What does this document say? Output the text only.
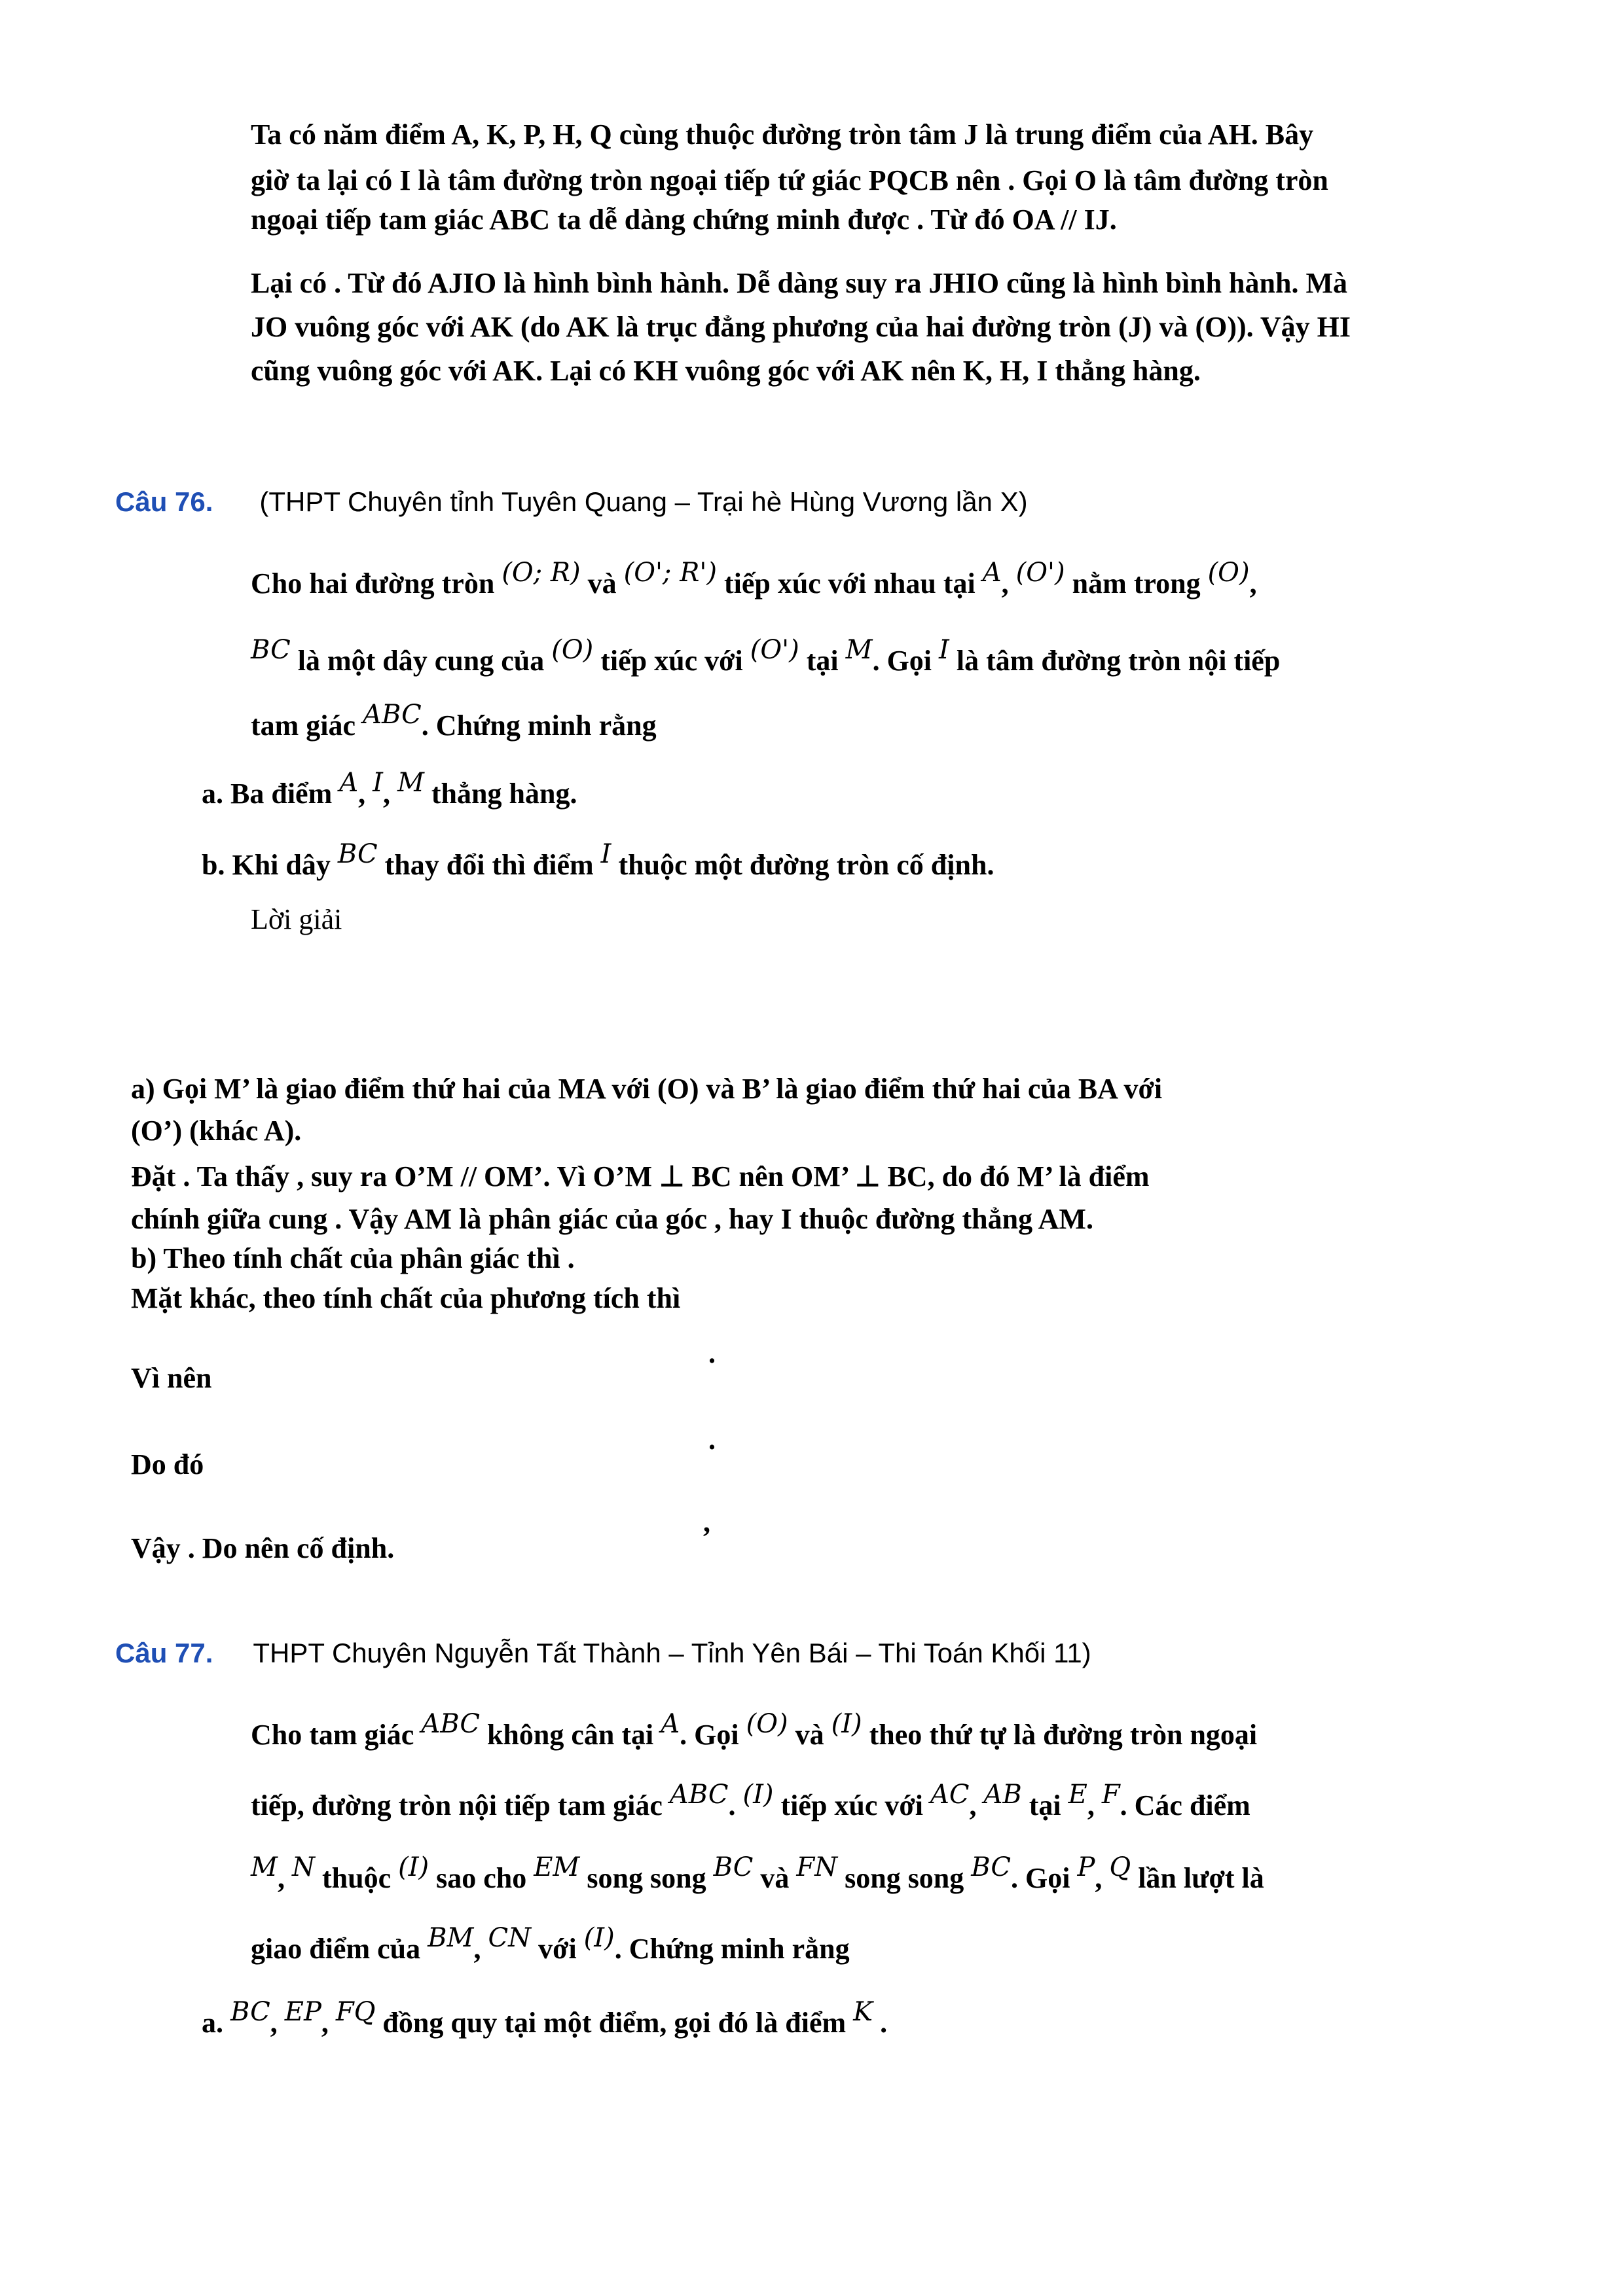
Ta có năm điểm A, K, P, H, Q cùng thuộc đường tròn tâm J là trung điểm của AH. Bây
giờ ta lại có I là tâm đường tròn ngoại tiếp tứ giác PQCB nên . Gọi O là tâm đường tròn
ngoại tiếp tam giác ABC ta dễ dàng chứng minh được . Từ đó OA // IJ.
Lại có . Từ đó AJIO là hình bình hành. Dễ dàng suy ra JHIO cũng là hình bình hành. Mà
JO vuông góc với AK (do AK là trục đẳng phương của hai đường tròn (J) và (O)). Vậy HI
cũng vuông góc với AK. Lại có KH vuông góc với AK nên K, H, I thẳng hàng.
Câu 76. (THPT Chuyên tỉnh Tuyên Quang – Trại hè Hùng Vương lần X)
Cho hai đường tròn (O; R) và (O'; R') tiếp xúc với nhau tại A, (O') nằm trong (O),
BC là một dây cung của (O) tiếp xúc với (O') tại M. Gọi I là tâm đường tròn nội tiếp
tam giác ABC. Chứng minh rằng
a. Ba điểm A, I, M thẳng hàng.
b. Khi dây BC thay đổi thì điểm I thuộc một đường tròn cố định.
Lời giải
a) Gọi M’ là giao điểm thứ hai của MA với (O) và B’ là giao điểm thứ hai của BA với
(O’) (khác A).
Đặt . Ta thấy , suy ra O’M // OM’. Vì O’M ⊥ BC nên OM’ ⊥ BC, do đó M’ là điểm
chính giữa cung . Vậy AM là phân giác của góc , hay I thuộc đường thẳng AM.
b) Theo tính chất của phân giác thì .
Mặt khác, theo tính chất của phương tích thì
.
Vì nên
.
Do đó
,
Vậy . Do nên cố định.
Câu 77. THPT Chuyên Nguyễn Tất Thành – Tỉnh Yên Bái – Thi Toán Khối 11)
Cho tam giác ABC không cân tại A. Gọi (O) và (I) theo thứ tự là đường tròn ngoại
tiếp, đường tròn nội tiếp tam giác ABC. (I) tiếp xúc với AC, AB tại E, F. Các điểm
M, N thuộc (I) sao cho EM song song BC và FN song song BC. Gọi P, Q lần lượt là
giao điểm của BM, CN với (I). Chứng minh rằng
a. BC, EP, FQ đồng quy tại một điểm, gọi đó là điểm K .
